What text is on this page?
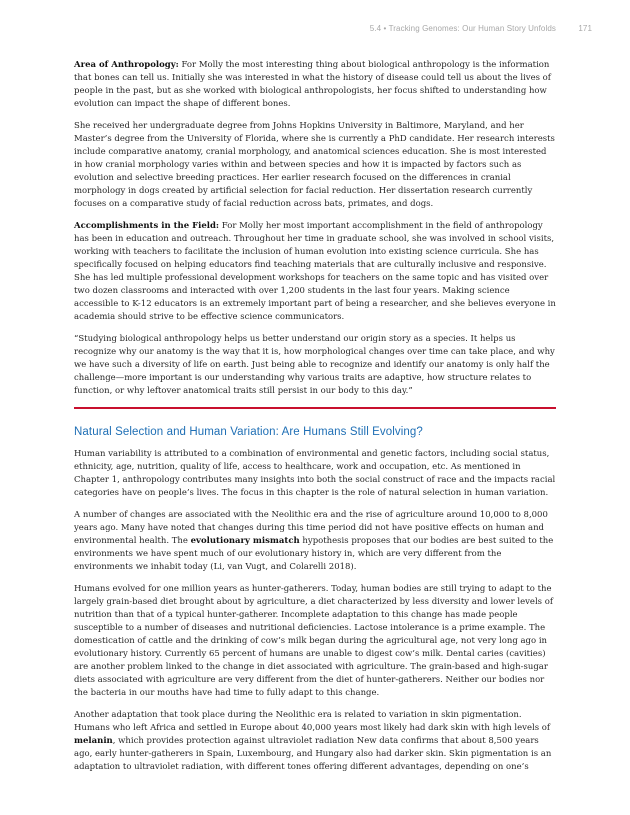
5.4 • Tracking Genomes: Our Human Story Unfolds	171

Area of Anthropology: For Molly the most interesting thing about biological anthropology is the information that bones can tell us. Initially she was interested in what the history of disease could tell us about the lives of people in the past, but as she worked with biological anthropologists, her focus shifted to understanding how evolution can impact the shape of different bones.

She received her undergraduate degree from Johns Hopkins University in Baltimore, Maryland, and her Master’s degree from the University of Florida, where she is currently a PhD candidate. Her research interests include comparative anatomy, cranial morphology, and anatomical sciences education. She is most interested in how cranial morphology varies within and between species and how it is impacted by factors such as evolution and selective breeding practices. Her earlier research focused on the differences in cranial morphology in dogs created by artificial selection for facial reduction. Her dissertation research currently focuses on a comparative study of facial reduction across bats, primates, and dogs.

Accomplishments in the Field: For Molly her most important accomplishment in the field of anthropology has been in education and outreach. Throughout her time in graduate school, she was involved in school visits, working with teachers to facilitate the inclusion of human evolution into existing science curricula. She has specifically focused on helping educators find teaching materials that are culturally inclusive and responsive. She has led multiple professional development workshops for teachers on the same topic and has visited over two dozen classrooms and interacted with over 1,200 students in the last four years. Making science accessible to K-12 educators is an extremely important part of being a researcher, and she believes everyone in academia should strive to be effective science communicators.

“Studying biological anthropology helps us better understand our origin story as a species. It helps us recognize why our anatomy is the way that it is, how morphological changes over time can take place, and why we have such a diversity of life on earth. Just being able to recognize and identify our anatomy is only half the challenge—more important is our understanding why various traits are adaptive, how structure relates to function, or why leftover anatomical traits still persist in our body to this day.”

Natural Selection and Human Variation: Are Humans Still Evolving?

Human variability is attributed to a combination of environmental and genetic factors, including social status, ethnicity, age, nutrition, quality of life, access to healthcare, work and occupation, etc. As mentioned in Chapter 1, anthropology contributes many insights into both the social construct of race and the impacts racial categories have on people’s lives. The focus in this chapter is the role of natural selection in human variation.

A number of changes are associated with the Neolithic era and the rise of agriculture around 10,000 to 8,000 years ago. Many have noted that changes during this time period did not have positive effects on human and environmental health. The evolutionary mismatch hypothesis proposes that our bodies are best suited to the environments we have spent much of our evolutionary history in, which are very different from the environments we inhabit today (Li, van Vugt, and Colarelli 2018).

Humans evolved for one million years as hunter-gatherers. Today, human bodies are still trying to adapt to the largely grain-based diet brought about by agriculture, a diet characterized by less diversity and lower levels of nutrition than that of a typical hunter-gatherer. Incomplete adaptation to this change has made people susceptible to a number of diseases and nutritional deficiencies. Lactose intolerance is a prime example. The domestication of cattle and the drinking of cow’s milk began during the agricultural age, not very long ago in evolutionary history. Currently 65 percent of humans are unable to digest cow’s milk. Dental caries (cavities) are another problem linked to the change in diet associated with agriculture. The grain-based and high-sugar diets associated with agriculture are very different from the diet of hunter-gatherers. Neither our bodies nor the bacteria in our mouths have had time to fully adapt to this change.

Another adaptation that took place during the Neolithic era is related to variation in skin pigmentation. Humans who left Africa and settled in Europe about 40,000 years most likely had dark skin with high levels of melanin, which provides protection against ultraviolet radiation New data confirms that about 8,500 years ago, early hunter-gatherers in Spain, Luxembourg, and Hungary also had darker skin. Skin pigmentation is an adaptation to ultraviolet radiation, with different tones offering different advantages, depending on one’s
